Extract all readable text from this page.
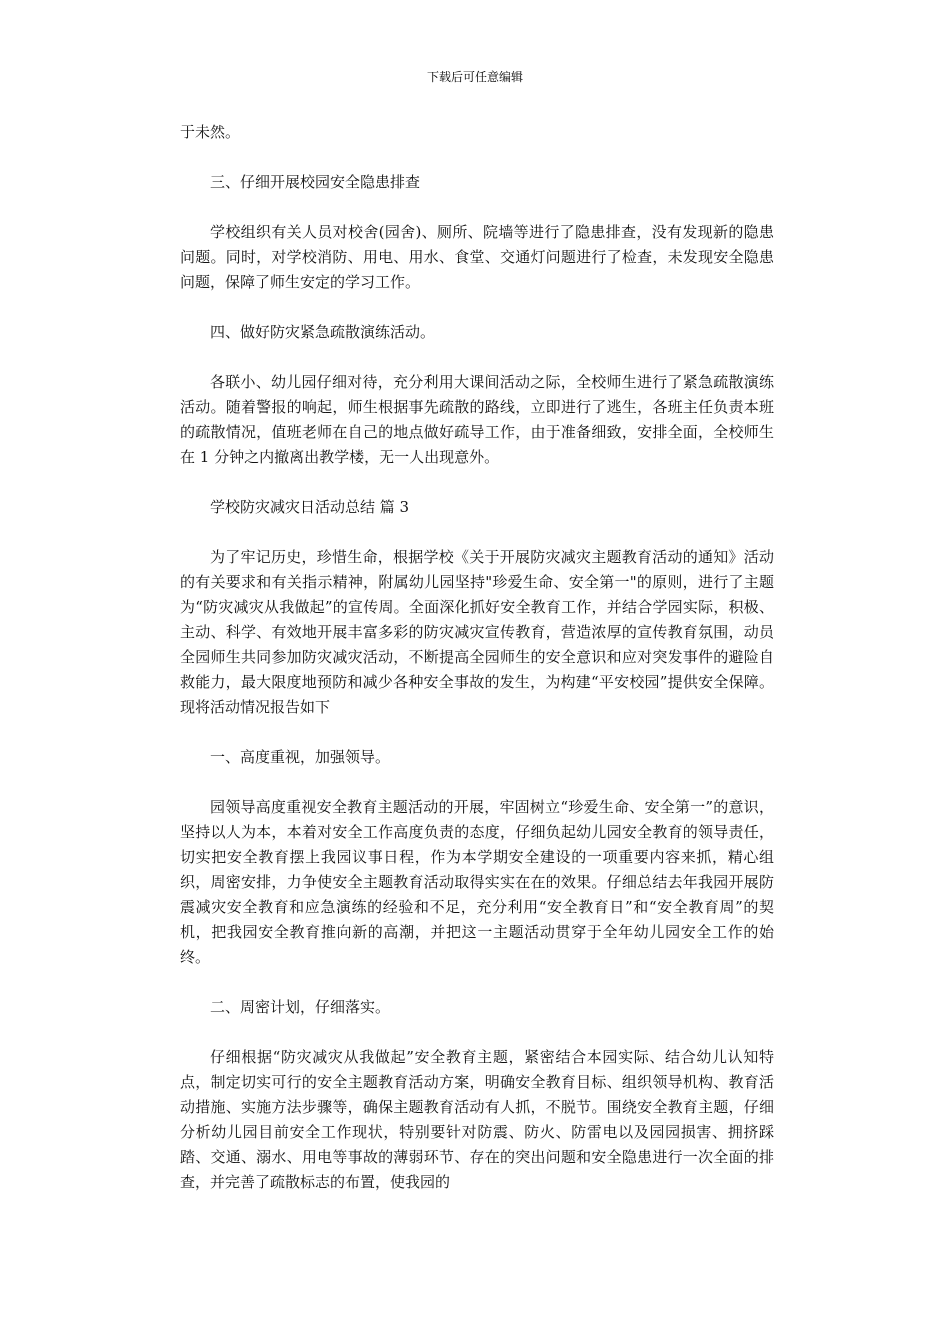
下载后可任意编辑

于未然。

三、仔细开展校园安全隐患排查

学校组织有关人员对校舍(园舍)、厕所、院墙等进行了隐患排查，没有发现新的隐患问题。同时，对学校消防、用电、用水、食堂、交通灯问题进行了检查，未发现安全隐患问题，保障了师生安定的学习工作。

四、做好防灾紧急疏散演练活动。

各联小、幼儿园仔细对待，充分利用大课间活动之际，全校师生进行了紧急疏散演练活动。随着警报的响起，师生根据事先疏散的路线，立即进行了逃生，各班主任负责本班的疏散情况，值班老师在自己的地点做好疏导工作，由于准备细致，安排全面，全校师生在 1 分钟之内撤离出教学楼，无一人出现意外。

学校防灾减灾日活动总结 篇 3

为了牢记历史，珍惜生命，根据学校《关于开展防灾减灾主题教育活动的通知》活动的有关要求和有关指示精神，附属幼儿园坚持"珍爱生命、安全第一"的原则，进行了主题为“防灾减灾从我做起”的宣传周。全面深化抓好安全教育工作，并结合学园实际，积极、主动、科学、有效地开展丰富多彩的防灾减灾宣传教育，营造浓厚的宣传教育氛围，动员全园师生共同参加防灾减灾活动，不断提高全园师生的安全意识和应对突发事件的避险自救能力，最大限度地预防和减少各种安全事故的发生，为构建“平安校园”提供安全保障。现将活动情况报告如下

一、高度重视，加强领导。

园领导高度重视安全教育主题活动的开展，牢固树立“珍爱生命、安全第一”的意识，坚持以人为本，本着对安全工作高度负责的态度，仔细负起幼儿园安全教育的领导责任，切实把安全教育摆上我园议事日程，作为本学期安全建设的一项重要内容来抓，精心组织，周密安排，力争使安全主题教育活动取得实实在在的效果。仔细总结去年我园开展防震减灾安全教育和应急演练的经验和不足，充分利用“安全教育日”和“安全教育周”的契机，把我园安全教育推向新的高潮，并把这一主题活动贯穿于全年幼儿园安全工作的始终。

二、周密计划，仔细落实。

仔细根据“防灾减灾从我做起”安全教育主题，紧密结合本园实际、结合幼儿认知特点，制定切实可行的安全主题教育活动方案，明确安全教育目标、组织领导机构、教育活动措施、实施方法步骤等，确保主题教育活动有人抓，不脱节。围绕安全教育主题，仔细分析幼儿园目前安全工作现状，特别要针对防震、防火、防雷电以及园园损害、拥挤踩踏、交通、溺水、用电等事故的薄弱环节、存在的突出问题和安全隐患进行一次全面的排查，并完善了疏散标志的布置，使我园的
